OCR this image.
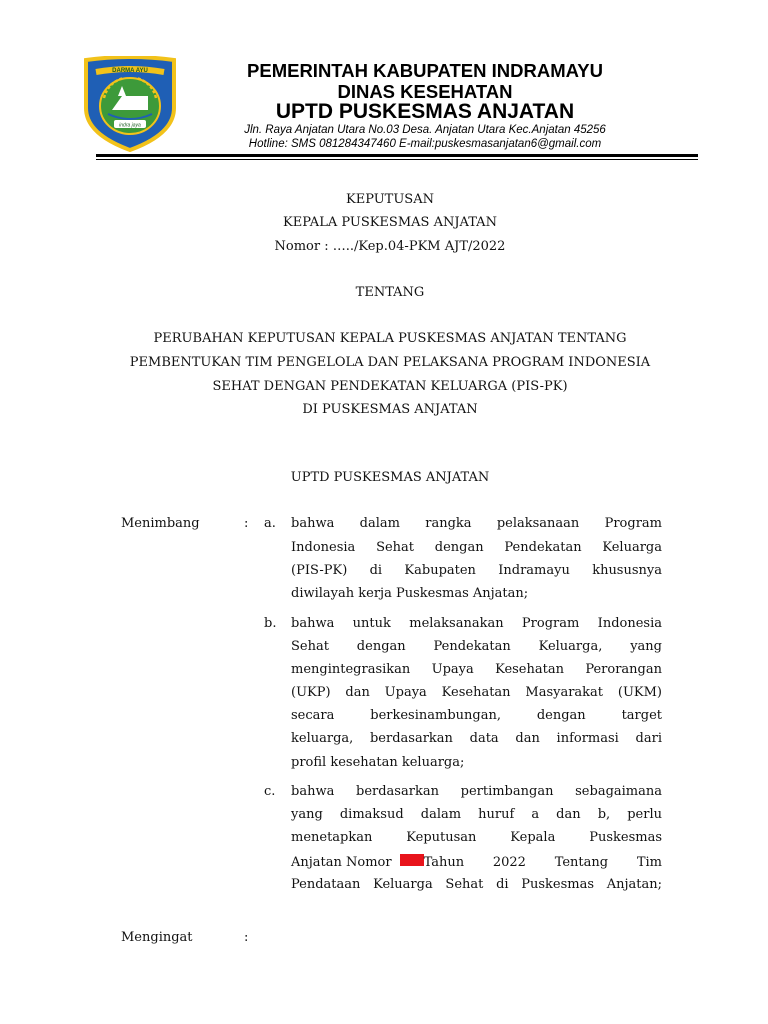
DARMA AYU
indra jaya
PEMERINTAH KABUPATEN INDRAMAYU
DINAS KESEHATAN
UPTD PUSKESMAS ANJATAN
Jln. Raya Anjatan Utara No.03 Desa. Anjatan Utara Kec.Anjatan 45256
Hotline: SMS 081284347460 E-mail:puskesmasanjatan6@gmail.com
KEPUTUSAN
KEPALA PUSKESMAS ANJATAN
Nomor : …../Kep.04-PKM AJT/2022
TENTANG
PERUBAHAN KEPUTUSAN KEPALA PUSKESMAS ANJATAN TENTANG
PEMBENTUKAN TIM PENGELOLA DAN PELAKSANA PROGRAM INDONESIA
SEHAT DENGAN PENDEKATAN KELUARGA (PIS-PK)
DI PUSKESMAS ANJATAN
UPTD PUSKESMAS ANJATAN
Menimbang	: a. bahwa dalam rangka pelaksanaan Program
Indonesia Sehat dengan Pendekatan Keluarga
(PIS-PK) di Kabupaten Indramayu khususnya
diwilayah kerja Puskesmas Anjatan;
b. bahwa untuk melaksanakan Program Indonesia
Sehat dengan Pendekatan Keluarga, yang
mengintegrasikan Upaya Kesehatan Perorangan
(UKP) dan Upaya Kesehatan Masyarakat (UKM)
secara berkesinambungan, dengan target
keluarga, berdasarkan data dan informasi dari
profil kesehatan keluarga;
c. bahwa berdasarkan pertimbangan sebagaimana
yang dimaksud dalam huruf a dan b, perlu
menetapkan Keputusan Kepala Puskesmas
Anjatan Nomor Tahun 2022 Tentang Tim
Pendataan Keluarga Sehat di Puskesmas Anjatan;
Mengingat	:
